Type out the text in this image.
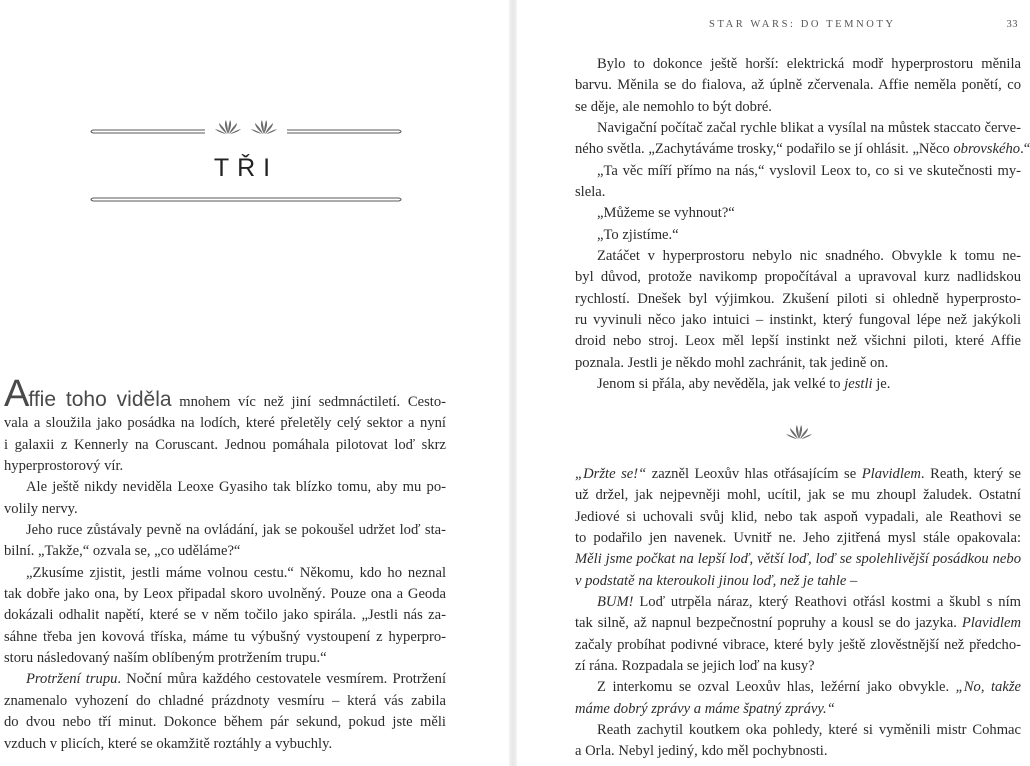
STAR WARS: DO TEMNOTY	33
TŘI
Affie toho viděla mnohem víc než jiní sedmnáctiletí. Cesto-
vala a sloužila jako posádka na lodích, které přeletěly celý sektor a nyní
i galaxii z Kennerly na Coruscant. Jednou pomáhala pilotovat loď skrz
hyperprostorový vír.
Ale ještě nikdy neviděla Leoxe Gyasiho tak blízko tomu, aby mu po-
volily nervy.
Jeho ruce zůstávaly pevně na ovládání, jak se pokoušel udržet loď sta-
bilní. „Takže,“ ozvala se, „co uděláme?“
„Zkusíme zjistit, jestli máme volnou cestu.“ Někomu, kdo ho neznal
tak dobře jako ona, by Leox připadal skoro uvolněný. Pouze ona a Geoda
dokázali odhalit napětí, které se v něm točilo jako spirála. „Jestli nás za-
sáhne třeba jen kovová tříska, máme tu výbušný vystoupení z hyperpro-
storu následovaný naším oblíbeným protržením trupu.“
Protržení trupu. Noční můra každého cestovatele vesmírem. Protržení
znamenalo vyhození do chladné prázdnoty vesmíru – která vás zabila
do dvou nebo tří minut. Dokonce během pár sekund, pokud jste měli
vzduch v plicích, které se okamžitě roztáhly a vybuchly.
Bylo to dokonce ještě horší: elektrická modř hyperprostoru měnila
barvu. Měnila se do fialova, až úplně zčervenala. Affie neměla ponětí, co
se děje, ale nemohlo to být dobré.
Navigační počítač začal rychle blikat a vysílal na můstek staccato červe-
ného světla. „Zachytáváme trosky,“ podařilo se jí ohlásit. „Něco obrovského.“
„Ta věc míří přímo na nás,“ vyslovil Leox to, co si ve skutečnosti my-
slela.
„Můžeme se vyhnout?“
„To zjistíme.“
Zatáčet v hyperprostoru nebylo nic snadného. Obvykle k tomu ne-
byl důvod, protože navikomp propočítával a upravoval kurz nadlidskou
rychlostí. Dnešek byl výjimkou. Zkušení piloti si ohledně hyperprosto-
ru vyvinuli něco jako intuici – instinkt, který fungoval lépe než jakýkoli
droid nebo stroj. Leox měl lepší instinkt než všichni piloti, které Affie
poznala. Jestli je někdo mohl zachránit, tak jedině on.
Jenom si přála, aby nevěděla, jak velké to jestli je.
„Držte se!“ zazněl Leoxův hlas otřásajícím se Plavidlem. Reath, který se
už držel, jak nejpevněji mohl, ucítil, jak se mu zhoupl žaludek. Ostatní
Jediové si uchovali svůj klid, nebo tak aspoň vypadali, ale Reathovi se
to podařilo jen navenek. Uvnitř ne. Jeho zjitřená mysl stále opakovala:
Měli jsme počkat na lepší loď, větší loď, loď se spolehlivější posádkou nebo
v podstatě na kteroukoli jinou loď, než je tahle –
BUM! Loď utrpěla náraz, který Reathovi otřásl kostmi a škubl s ním
tak silně, až napnul bezpečnostní popruhy a kousl se do jazyka. Plavidlem
začaly probíhat podivné vibrace, které byly ještě zlověstnější než předcho-
zí rána. Rozpadala se jejich loď na kusy?
Z interkomu se ozval Leoxův hlas, ležérní jako obvykle. „No, takže
máme dobrý zprávy a máme špatný zprávy.“
Reath zachytil koutkem oka pohledy, které si vyměnili mistr Cohmac
a Orla. Nebyl jediný, kdo měl pochybnosti.
